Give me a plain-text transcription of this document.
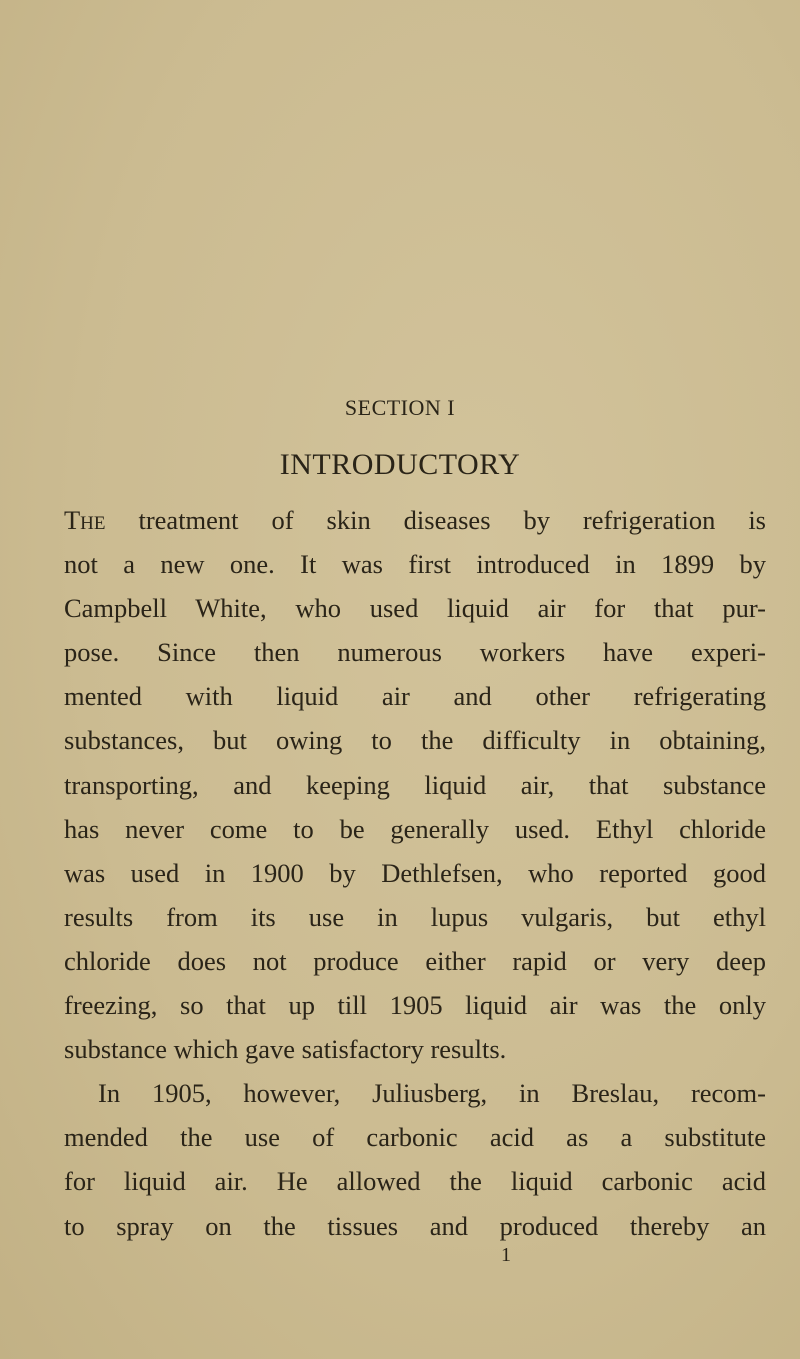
SECTION I
INTRODUCTORY
The treatment of skin diseases by refrigeration is
not a new one. It was first introduced in 1899 by
Campbell White, who used liquid air for that pur-
pose. Since then numerous workers have experi-
mented with liquid air and other refrigerating
substances, but owing to the difficulty in obtaining,
transporting, and keeping liquid air, that substance
has never come to be generally used. Ethyl chloride
was used in 1900 by Dethlefsen, who reported good
results from its use in lupus vulgaris, but ethyl
chloride does not produce either rapid or very deep
freezing, so that up till 1905 liquid air was the only
substance which gave satisfactory results.
In 1905, however, Juliusberg, in Breslau, recom-
mended the use of carbonic acid as a substitute
for liquid air. He allowed the liquid carbonic acid
to spray on the tissues and produced thereby an
1
